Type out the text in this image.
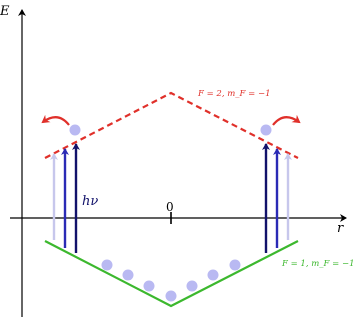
E
r
0
F = 2, m_F = −1
F = 1, m_F = −1
hν
